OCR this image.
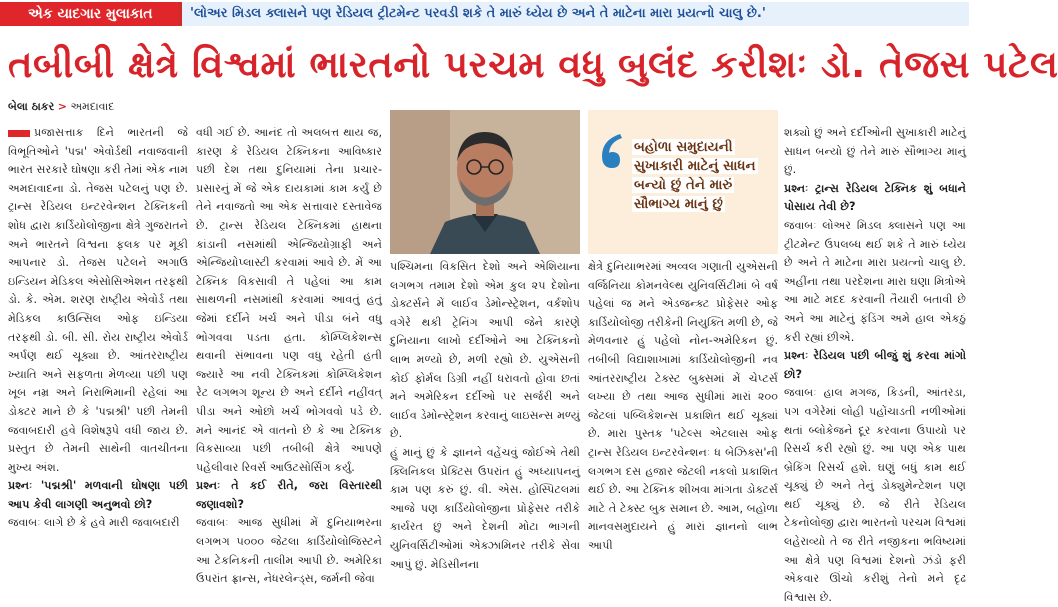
એક યાદગાર મુલાકાત	'લોઅર મિડલ ક્લાસને પણ રેડિયલ ટ્રીટમેન્ટ પરવડી શકે તે મારું ધ્યેય છે અને તે માટેના મારા પ્રયત્નો ચાલુ છે.'
તબીબી ક્ષેત્રે વિશ્વમાં ભારતનો પરચમ વધુ બુલંદ કરીશઃ ડો. તેજસ પટેલ
બેલા ઠાકર > અમદાવાદ

પ્રજાસત્તાક દિને ભારતની જે વિભૂતિઓને 'પદ્મ' એવોર્ડથી નવાજવાની ભારત સરકારે ઘોષણા કરી તેમાં એક નામ અમદાવાદના ડો. તેજસ પટેલનું પણ છે. ટ્રાન્સ રેડિયલ ઇન્ટરવેન્શન ટેક્નિકની શોધ દ્વારા કાર્ડિયોલોજીના ક્ષેત્રે ગુજરાતને અને ભારતને વિશ્વના ફલક પર મૂકી આપનાર ડો. તેજસ પટેલને અગાઉ ઇન્ડિયન મેડિકલ એસોસિએશન તરફથી ડો. કે. એમ. શરણ રાષ્ટ્રીય એવોર્ડ તથા મેડિકલ કાઉન્સિલ ઓફ ઇન્ડિયા તરફથી ડો. બી. સી. રોય રાષ્ટ્રીય એવોર્ડ અર્પણ થઈ ચૂક્યા છે. આંતરરાષ્ટ્રીય ખ્યાતિ અને સફળતા મેળવ્યા પછી પણ ખૂબ નમ્ર અને નિરાભિમાની રહેલાં આ ડોક્ટર માને છે કે 'પદ્મશ્રી' પછી તેમની જવાબદારી હવે વિશેષરૂપે વધી જાય છે. પ્રસ્તુત છે તેમની સાથેની વાતચીતના મુખ્ય અંશ.

પ્રશ્નઃ 'પદ્મશ્રી' મળવાની ઘોષણા પછી આપ કેવી લાગણી અનુભવો છો?

જવાબઃ લાગે છે કે હવે મારી જવાબદારી

વધી ગઈ છે. આનંદ તો અલબત્ત થાય જ, કારણ કે રેડિયલ ટેક્નિકના આવિષ્કાર પછી દેશ તથા દુનિયામાં તેના પ્રચાર-પ્રસારનું મેં જે એક દાયકામાં કામ કર્યું છે તેને નવાજતો આ એક સત્તાવાર દસ્તાવેજ છે. ટ્રાન્સ રેડિયલ ટેક્નિકમાં હાથના કાંડાની નસમાંથી એન્જિયોગ્રાફી અને એન્જિયોપ્લાસ્ટી કરવામાં આવે છે. મેં આ ટેક્નિક વિકસાવી તે પહેલાં આ કામ સાથળની નસમાંથી કરવામાં આવતું હતું જેમાં દર્દીને ખર્ચ અને પીડા બંને વધુ ભોગવવા પડતા હતા. કોમ્પ્લિકેશન્સ થવાની સંભાવના પણ વધુ રહેતી હતી જ્યારે આ નવી ટેક્નિકમાં કોમ્પ્લિકેશન રેટ લગભગ શૂન્ય છે અને દર્દીને નહીંવત્ પીડા અને ઓછો ખર્ચ ભોગવવો પડે છે. મને આનંદ એ વાતનો છે કે આ ટેક્નિક વિકસાવ્યા પછી તબીબી ક્ષેત્રે આપણે પહેલીવાર રિવર્સ આઉટસોર્સિંગ કર્યું.

પ્રશ્નઃ તે કઈ રીતે, જરા વિસ્તારથી જણાવશો?

જવાબઃ આજ સુધીમાં મેં દુનિયાભરના લગભગ ૫૦૦૦ જેટલા કાર્ડિયોલોજિસ્ટને આ ટેકનિકની તાલીમ આપી છે. અમેરિકા ઉપરાંત ફ્રાન્સ, નેધરલેન્ડ્સ, જર્મની જેવા

બહોળા સમુદાયની સુખાકારી માટેનું સાધન બન્યો છું તેને મારું સૌભાગ્ય માનું છું

પશ્ચિમના વિકસિત દેશો અને એશિયાના લગભગ તમામ દેશો એમ કુલ ૨૫ દેશોના ડોક્ટર્સને મેં લાઈવ ડેમોન્સ્ટ્રેશન, વર્કશોપ વગેરે થકી ટ્રેનિંગ આપી જેને કારણે દુનિયાના લાખો દર્દીઓને આ ટેક્નિકનો લાભ મળ્યો છે, મળી રહ્યો છે. યુએસની કોઈ ફોર્મલ ડિગ્રી નહીં ધરાવતો હોવા છતાં મને અમેરિકન દર્દીઓ પર સર્જરી અને લાઈવ ડેમોન્સ્ટ્રેશન કરવાનું લાઇસન્સ મળ્યું છે.

હું માનું છું કે જ્ઞાનને વહેંચવું જોઈએ તેથી ક્લિનિકલ પ્રેક્ટિસ ઉપરાંત હું અધ્યાપનનું કામ પણ કરું છું. વી. એસ. હોસ્પિટલમાં આજે પણ કાર્ડિયોલોજીના પ્રોફેસર તરીકે કાર્યરત છું અને દેશની મોટા ભાગની યુનિવર્સિટીઓમાં એક્ઝામિનર તરીકે સેવા આપું છું. મેડિસીનના

ક્ષેત્રે દુનિયાભરમાં અવ્વલ ગણાતી યુએસની વર્જિનિયા કોમનવેલ્થ યુનિવર્સિટીમાં બે વર્ષ પહેલાં જ મને એડજન્ક્ટ પ્રોફેસર ઓફ કાર્ડિયોલોજી તરીકેની નિયુક્તિ મળી છે, જે મેળવનાર હું પહેલો નોન-અમેરિકન છું. તબીબી વિદ્યાશાખામાં કાર્ડિયોલોજીની નવ આંતરરાષ્ટ્રીય ટેક્સ્ટ બુક્સમાં મેં ચેપ્ટર્સ લખ્યા છે તથા આજ સુધીમાં મારાં ૨૦૦ જેટલાં પબ્લિકેશન્સ પ્રકાશિત થઈ ચૂક્યાં છે. મારા પુસ્તક 'પટેલ્સ એટલાસ ઓફ ટ્રાન્સ રેડિયલ ઇન્ટરવેન્શનઃ ધ બેઝિક્સ'ની લગભગ દસ હજાર જેટલી નકલો પ્રકાશિત થઈ છે. આ ટેક્નિક શીખવા માંગતા ડોક્ટર્સ માટે તે ટેક્સ્ટ બુક સમાન છે. આમ, બહોળા માનવસમુદાયને હું મારાં જ્ઞાનનો લાભ આપી

શક્યો છું અને દર્દીઓની સુખાકારી માટેનું સાધન બન્યો છું તેને મારું સૌભાગ્ય માનું છું.

પ્રશ્નઃ ટ્રાન્સ રેડિયલ ટેક્નિક શું બધાને પોસાય તેવી છે?

જવાબઃ લોઅર મિડલ ક્લાસને પણ આ ટ્રીટમેન્ટ ઉપલબ્ધ થઈ શકે તે મારું ધ્યેય છે અને તે માટેના મારા પ્રયત્નો ચાલુ છે. અહીંના તથા પરદેશના મારા ઘણા મિત્રોએ આ માટે મદદ કરવાની તૈયારી બતાવી છે અને આ માટેનું ફંડિંગ અમે હાલ એકઠું કરી રહ્યાં છીએ.

પ્રશ્નઃ રેડિયલ પછી બીજું શું કરવા માંગો છો?

જવાબઃ હાલ મગજ, કિડની, આંતરડા, પગ વગેરેમાં લોહી પહોંચાડતી નળીઓમાં થતાં બ્લોકેજને દૂર કરવાના ઉપાયો પર રિસર્ચ કરી રહ્યો છું. આ પણ એક પાથ બ્રેકિંગ રિસર્ચ હશે. ઘણું બધું કામ થઈ ચૂક્યું છે અને તેનું ડોક્યુમેન્ટેશન પણ થઈ ચૂક્યું છે. જે રીતે રેડિયલ ટેકનોલોજી દ્વારા ભારતનો પરચમ વિશ્વમાં લહેરાવ્યો તે જ રીતે નજીકના ભવિષ્યમાં આ ક્ષેત્રે પણ વિશ્વમાં દેશનો ઝંડો ફરી એકવાર ઊંચો કરીશું તેનો મને દૃઢ વિશ્વાસ છે.
